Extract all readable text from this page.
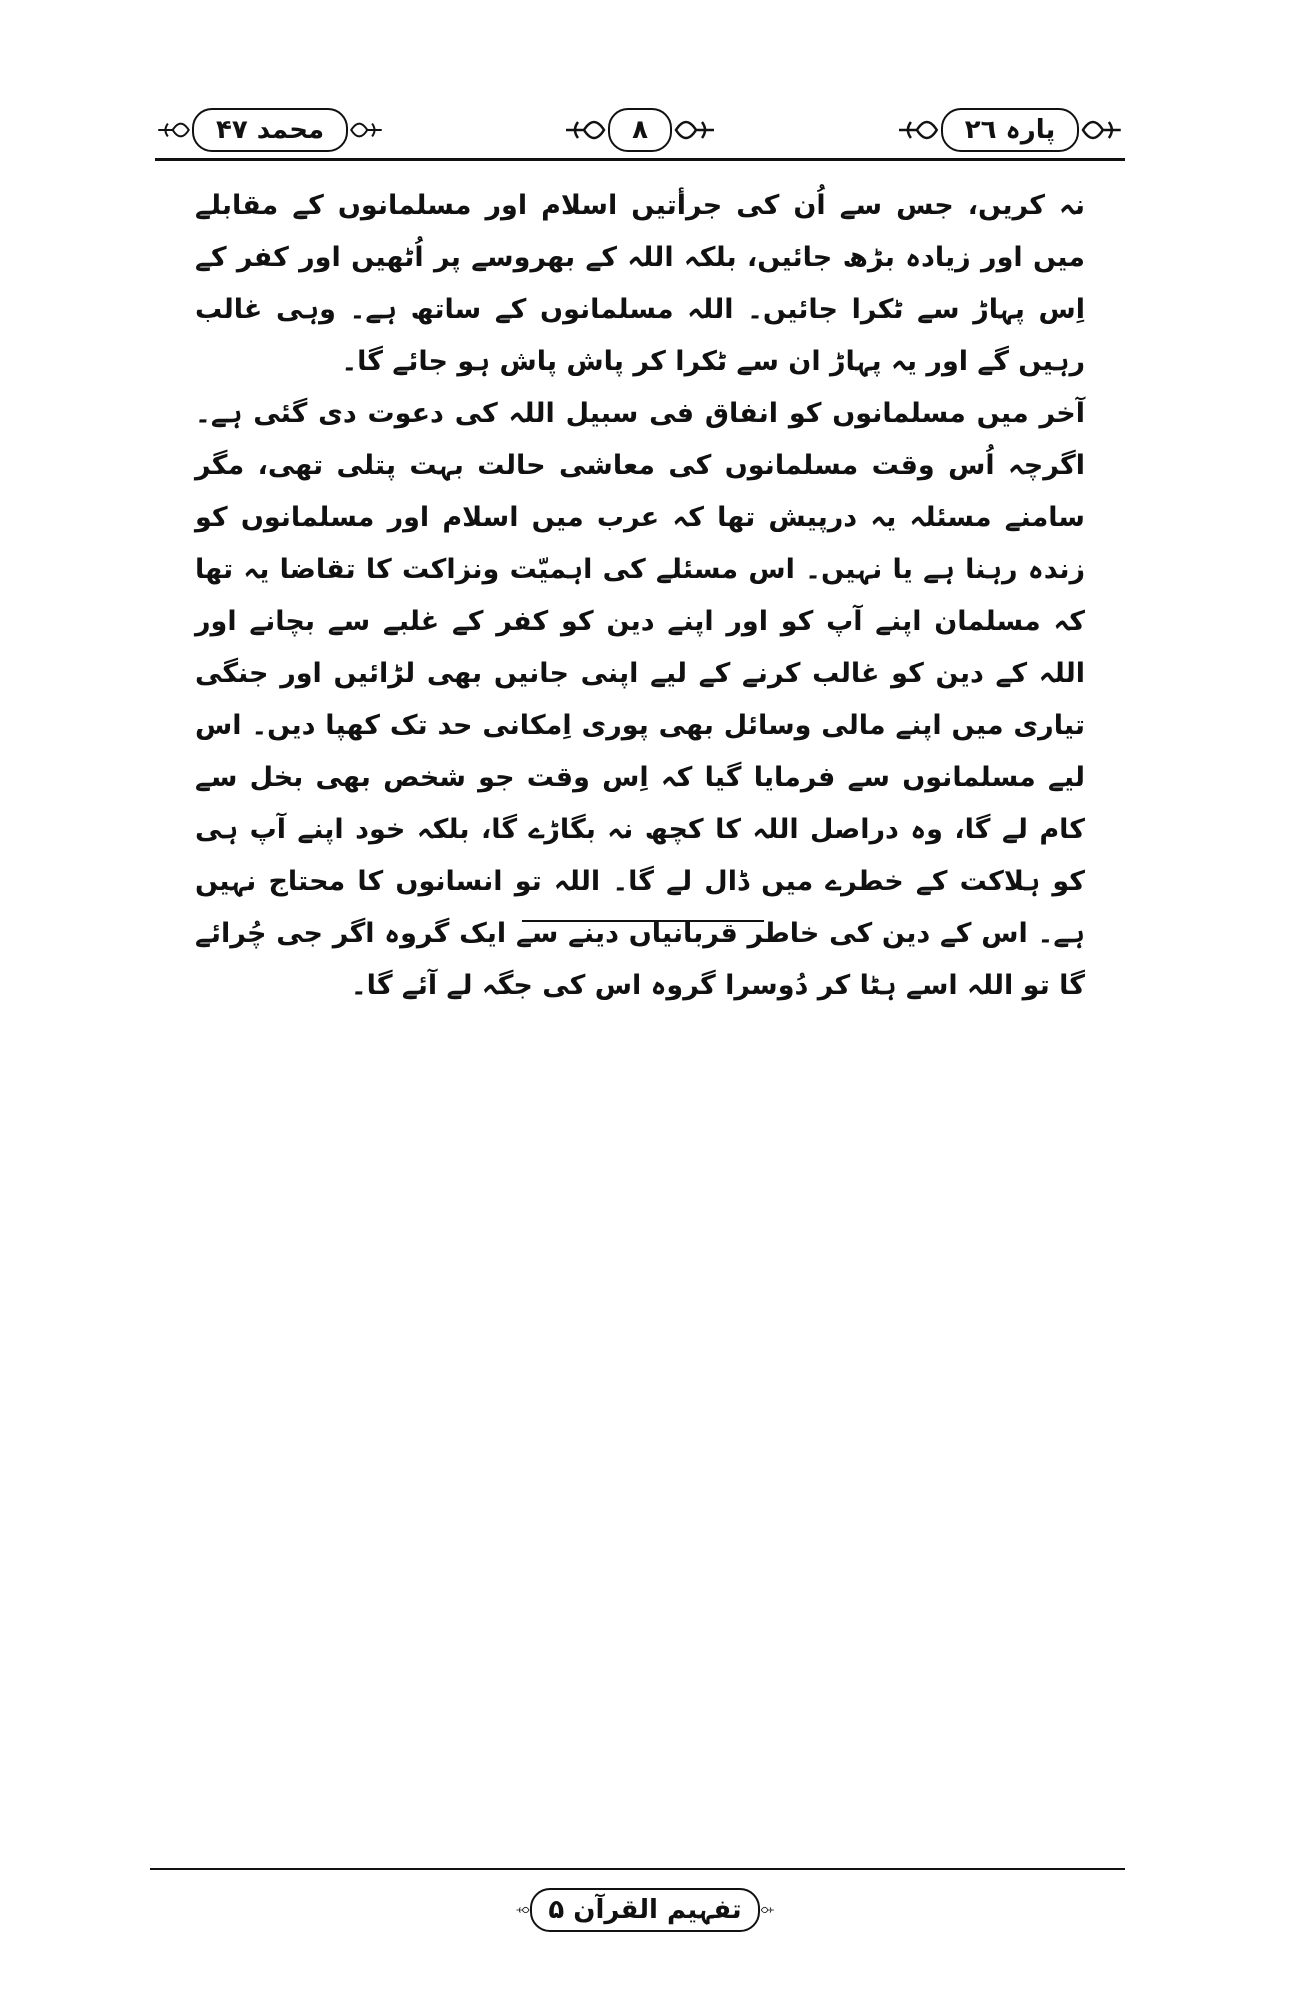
محمد ۴۷	۸	پارہ ۲٦

نہ کریں، جس سے اُن کی جرأتیں اسلام اور مسلمانوں کے مقابلے میں اور زیادہ بڑھ جائیں، بلکہ اللہ کے بھروسے پر اُٹھیں اور کفر کے اِس پہاڑ سے ٹکرا جائیں۔ اللہ مسلمانوں کے ساتھ ہے۔ وہی غالب رہیں گے اور یہ پہاڑ ان سے ٹکرا کر پاش پاش ہو جائے گا۔

آخر میں مسلمانوں کو انفاق فی سبیل اللہ کی دعوت دی گئی ہے۔ اگرچہ اُس وقت مسلمانوں کی معاشی حالت بہت پتلی تھی، مگر سامنے مسئلہ یہ درپیش تھا کہ عرب میں اسلام اور مسلمانوں کو زندہ رہنا ہے یا نہیں۔ اس مسئلے کی اہمیّت ونزاکت کا تقاضا یہ تھا کہ مسلمان اپنے آپ کو اور اپنے دین کو کفر کے غلبے سے بچانے اور اللہ کے دین کو غالب کرنے کے لیے اپنی جانیں بھی لڑائیں اور جنگی تیاری میں اپنے مالی وسائل بھی پوری اِمکانی حد تک کھپا دیں۔ اس لیے مسلمانوں سے فرمایا گیا کہ اِس وقت جو شخص بھی بخل سے کام لے گا، وہ دراصل اللہ کا کچھ نہ بگاڑے گا، بلکہ خود اپنے آپ ہی کو ہلاکت کے خطرے میں ڈال لے گا۔ اللہ تو انسانوں کا محتاج نہیں ہے۔ اس کے دین کی خاطر قربانیاں دینے سے ایک گروہ اگر جی چُرائے گا تو اللہ اسے ہٹا کر دُوسرا گروہ اس کی جگہ لے آئے گا۔

تفہیم القرآن ۵
